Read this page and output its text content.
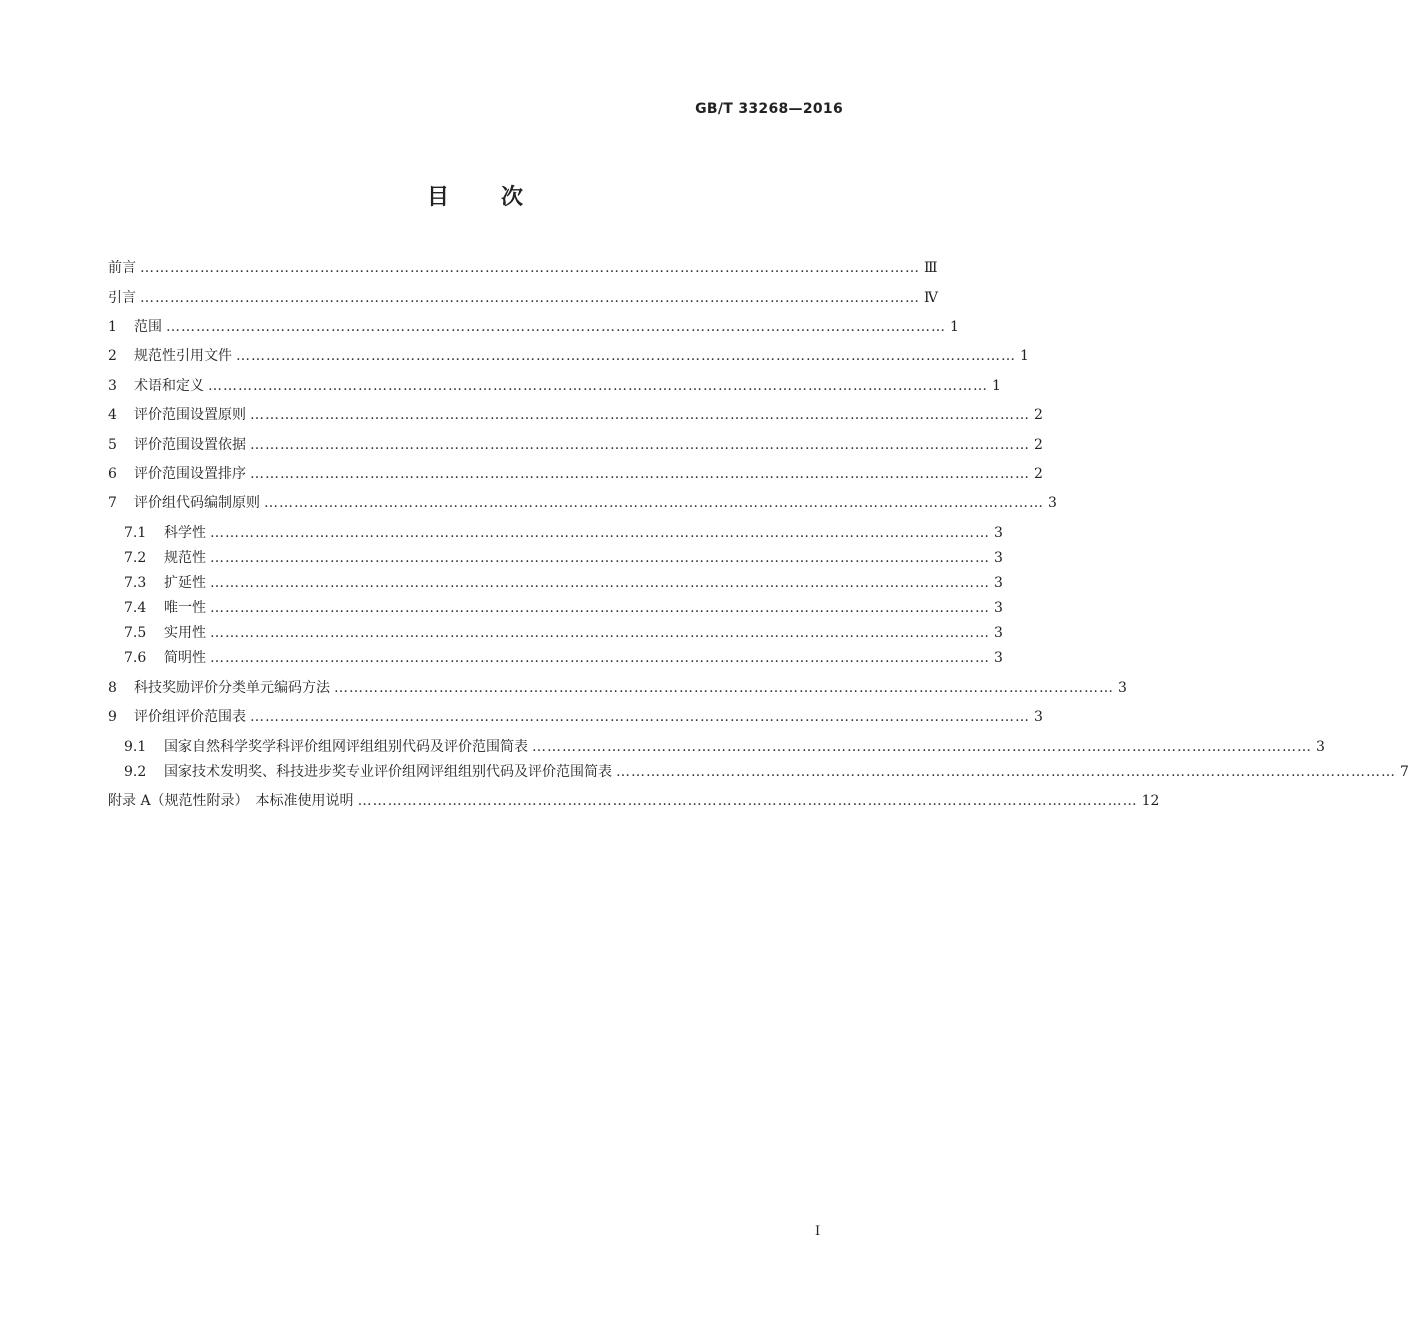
GB/T 33268—2016
目 次
前言 ………………………………………………………………………………………………………………………………………… Ⅲ
引言 ………………………………………………………………………………………………………………………………………… Ⅳ
1 范围 ………………………………………………………………………………………………………………………………………… 1
2 规范性引用文件 ………………………………………………………………………………………………………………………………………… 1
3 术语和定义 ………………………………………………………………………………………………………………………………………… 1
4 评价范围设置原则 ………………………………………………………………………………………………………………………………………… 2
5 评价范围设置依据 ………………………………………………………………………………………………………………………………………… 2
6 评价范围设置排序 ………………………………………………………………………………………………………………………………………… 2
7 评价组代码编制原则 ………………………………………………………………………………………………………………………………………… 3
7.1 科学性 ………………………………………………………………………………………………………………………………………… 3
7.2 规范性 ………………………………………………………………………………………………………………………………………… 3
7.3 扩延性 ………………………………………………………………………………………………………………………………………… 3
7.4 唯一性 ………………………………………………………………………………………………………………………………………… 3
7.5 实用性 ………………………………………………………………………………………………………………………………………… 3
7.6 简明性 ………………………………………………………………………………………………………………………………………… 3
8 科技奖励评价分类单元编码方法 ………………………………………………………………………………………………………………………………………… 3
9 评价组评价范围表 ………………………………………………………………………………………………………………………………………… 3
9.1 国家自然科学奖学科评价组网评组组别代码及评价范围简表 ………………………………………………………………………………………………………………………………………… 3
9.2 国家技术发明奖、科技进步奖专业评价组网评组组别代码及评价范围简表 ………………………………………………………………………………………………………………………………………… 7
附录 A（规范性附录）　本标准使用说明 ………………………………………………………………………………………………………………………………………… 12
Ⅰ
